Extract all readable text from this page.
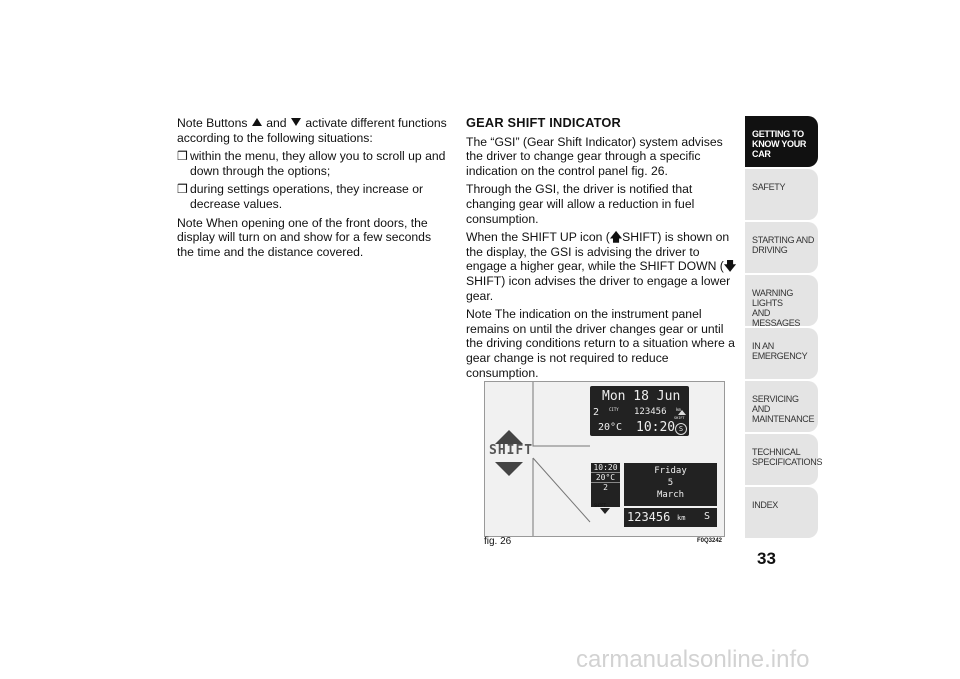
Note Buttons and activate different functions according to the following situations:

❒ within the menu, they allow you to scroll up and down through the options;
❒ during settings operations, they increase or decrease values.

Note When opening one of the front doors, the display will turn on and show for a few seconds the time and the distance covered.

GEAR SHIFT INDICATOR

The “GSI” (Gear Shift Indicator) system advises the driver to change gear through a specific indication on the control panel fig. 26.

Through the GSI, the driver is notified that changing gear will allow a reduction in fuel consumption.

When the SHIFT UP icon (🡅SHIFT) is shown on the display, the GSI is advising the driver to engage a higher gear, while the SHIFT DOWN (🡇SHIFT) icon advises the driver to engage a lower gear.

Note The indication on the instrument panel remains on until the driver changes gear or until the driving conditions return to a situation where a gear change is not required to reduce consumption.

SHIFT
Mon 18 Jun
2 CITY 123456 km
SHIFT
20°C 10:20 S
10:20
20°C
2
SHIFT
Friday
5
March
123456 km S
fig. 26	F0Q3242
GETTING TO
KNOW YOUR CAR
SAFETY
STARTING AND
DRIVING
WARNING LIGHTS
AND MESSAGES
IN AN EMERGENCY
SERVICING AND
MAINTENANCE
TECHNICAL
SPECIFICATIONS
INDEX
33
carmanualsonline.info
